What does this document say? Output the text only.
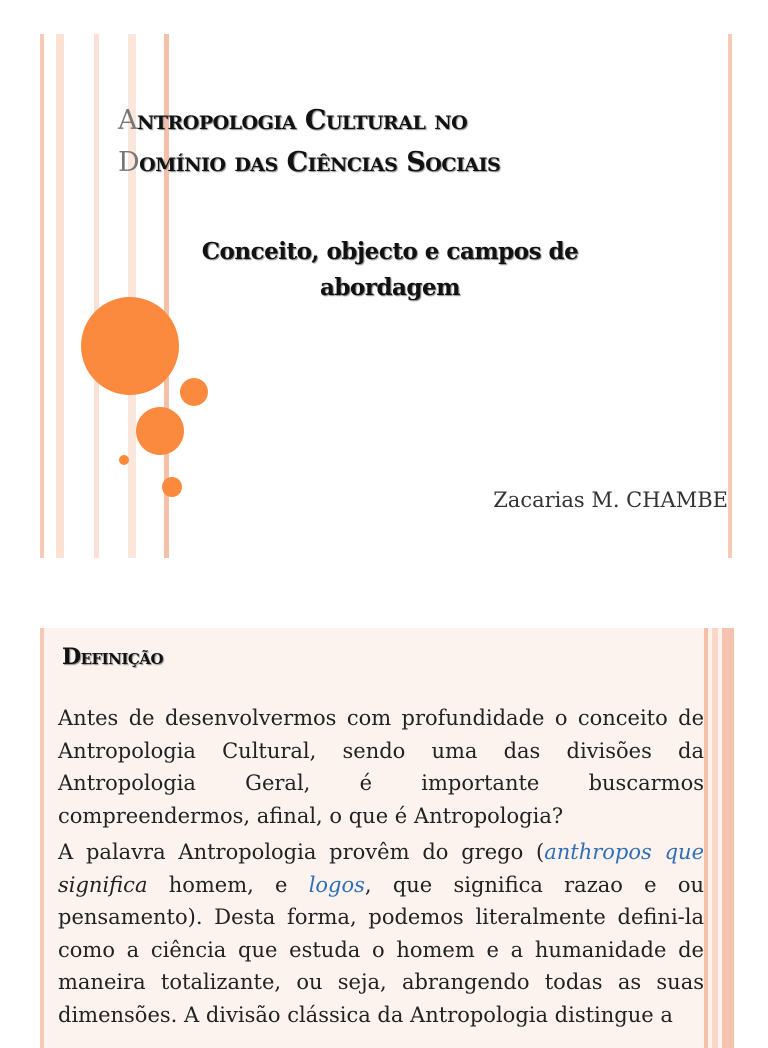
Antropologia Cultural no
Domínio das Ciências Sociais
Conceito, objecto e campos de abordagem
Zacarias M. CHAMBE
Definição

Antes de desenvolvermos com profundidade o conceito de Antropologia Cultural, sendo uma das divisões da Antropologia Geral, é importante buscarmos compreendermos, afinal, o que é Antropologia?

A palavra Antropologia provêm do grego (anthropos que significa homem, e logos, que significa razao e ou pensamento). Desta forma, podemos literalmente defini-la como a ciência que estuda o homem e a humanidade de maneira totalizante, ou seja, abrangendo todas as suas dimensões. A divisão clássica da Antropologia distingue a
